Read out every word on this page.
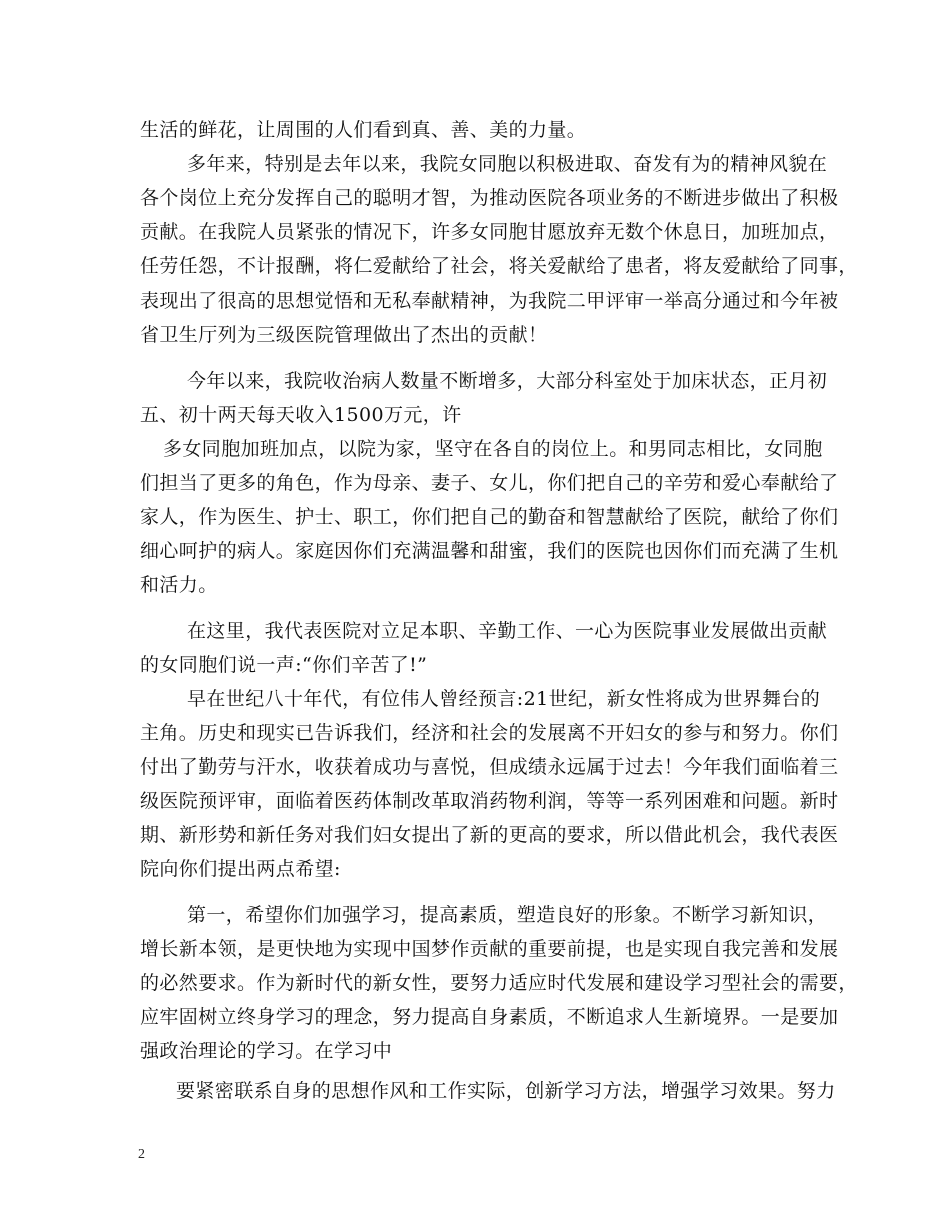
生活的鲜花，让周围的人们看到真、善、美的力量。
多年来，特别是去年以来，我院女同胞以积极进取、奋发有为的精神风貌在
各个岗位上充分发挥自己的聪明才智，为推动医院各项业务的不断进步做出了积极
贡献。在我院人员紧张的情况下，许多女同胞甘愿放弃无数个休息日，加班加点，
任劳任怨，不计报酬，将仁爱献给了社会，将关爱献给了患者，将友爱献给了同事，
表现出了很高的思想觉悟和无私奉献精神，为我院二甲评审一举高分通过和今年被
省卫生厅列为三级医院管理做出了杰出的贡献！
今年以来，我院收治病人数量不断增多，大部分科室处于加床状态，正月初
五、初十两天每天收入1500万元，许
多女同胞加班加点，以院为家，坚守在各自的岗位上。和男同志相比，女同胞
们担当了更多的角色，作为母亲、妻子、女儿，你们把自己的辛劳和爱心奉献给了
家人，作为医生、护士、职工，你们把自己的勤奋和智慧献给了医院，献给了你们
细心呵护的病人。家庭因你们充满温馨和甜蜜，我们的医院也因你们而充满了生机
和活力。
在这里，我代表医院对立足本职、辛勤工作、一心为医院事业发展做出贡献
的女同胞们说一声:“你们辛苦了!”
早在世纪八十年代，有位伟人曾经预言:21世纪，新女性将成为世界舞台的
主角。历史和现实已告诉我们，经济和社会的发展离不开妇女的参与和努力。你们
付出了勤劳与汗水，收获着成功与喜悦，但成绩永远属于过去！今年我们面临着三
级医院预评审，面临着医药体制改革取消药物利润，等等一系列困难和问题。新时
期、新形势和新任务对我们妇女提出了新的更高的要求，所以借此机会，我代表医
院向你们提出两点希望:
第一，希望你们加强学习，提高素质，塑造良好的形象。不断学习新知识，
增长新本领，是更快地为实现中国梦作贡献的重要前提，也是实现自我完善和发展
的必然要求。作为新时代的新女性，要努力适应时代发展和建设学习型社会的需要，
应牢固树立终身学习的理念，努力提高自身素质，不断追求人生新境界。一是要加
强政治理论的学习。在学习中
要紧密联系自身的思想作风和工作实际，创新学习方法，增强学习效果。努力
2
